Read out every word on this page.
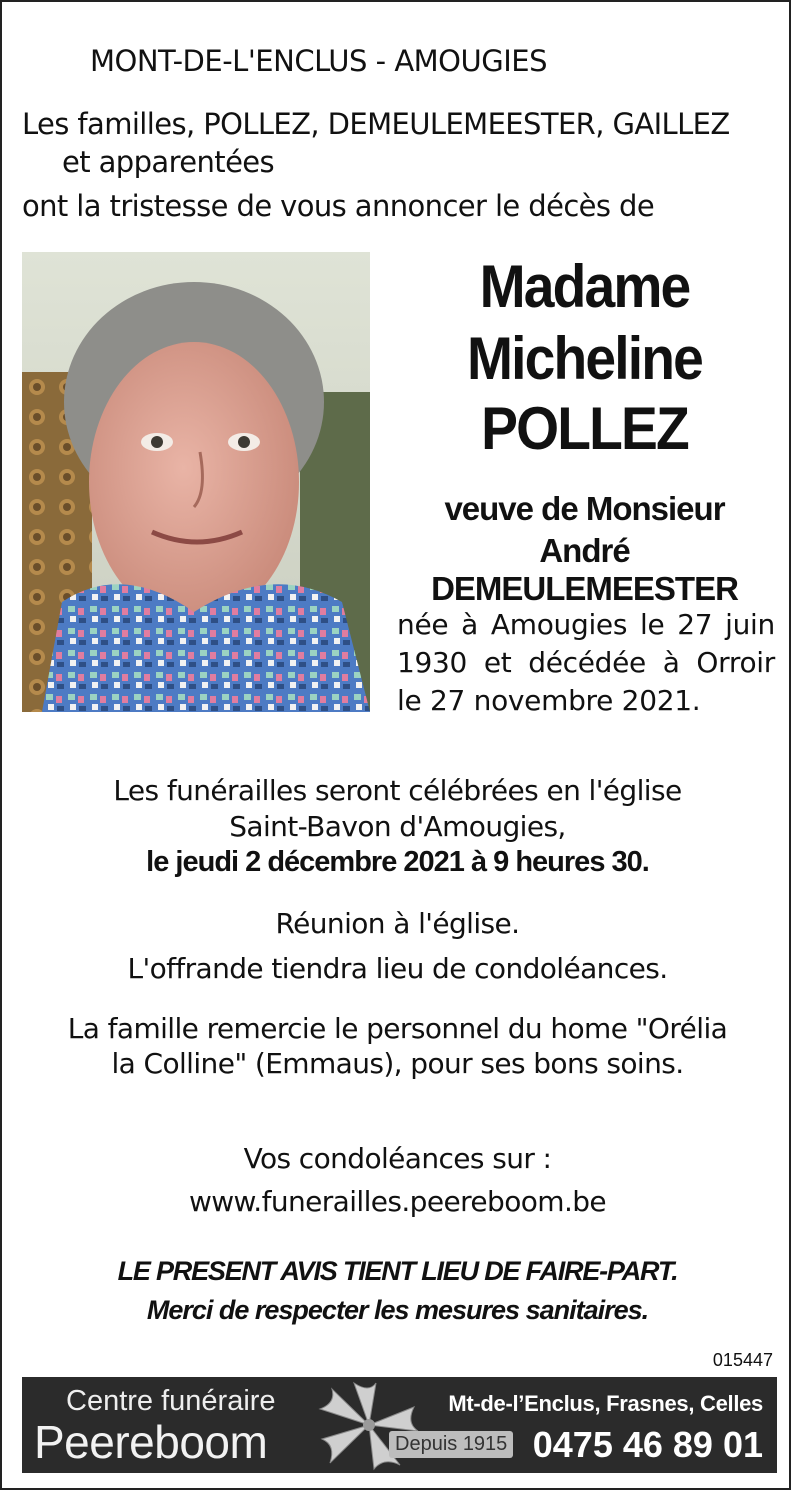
MONT-DE-L'ENCLUS - AMOUGIES
Les familles, POLLEZ, DEMEULEMEESTER, GAILLEZ
et apparentées
ont la tristesse de vous annoncer le décès de
Madame
Micheline
POLLEZ
veuve de Monsieur
André DEMEULEMEESTER
née à Amougies le 27 juin 1930 et décédée à Orroir le 27 novembre 2021.
Les funérailles seront célébrées en l'église
Saint-Bavon d'Amougies,
le jeudi 2 décembre 2021 à 9 heures 30.
Réunion à l'église.
L'offrande tiendra lieu de condoléances.
La famille remercie le personnel du home "Orélia
la Colline" (Emmaus), pour ses bons soins.
Vos condoléances sur :
www.funerailles.peereboom.be
LE PRESENT AVIS TIENT LIEU DE FAIRE-PART.
Merci de respecter les mesures sanitaires.
015447
Centre funéraire
Peereboom	Depuis 1915
Mt-de-l’Enclus, Frasnes, Celles
0475 46 89 01
